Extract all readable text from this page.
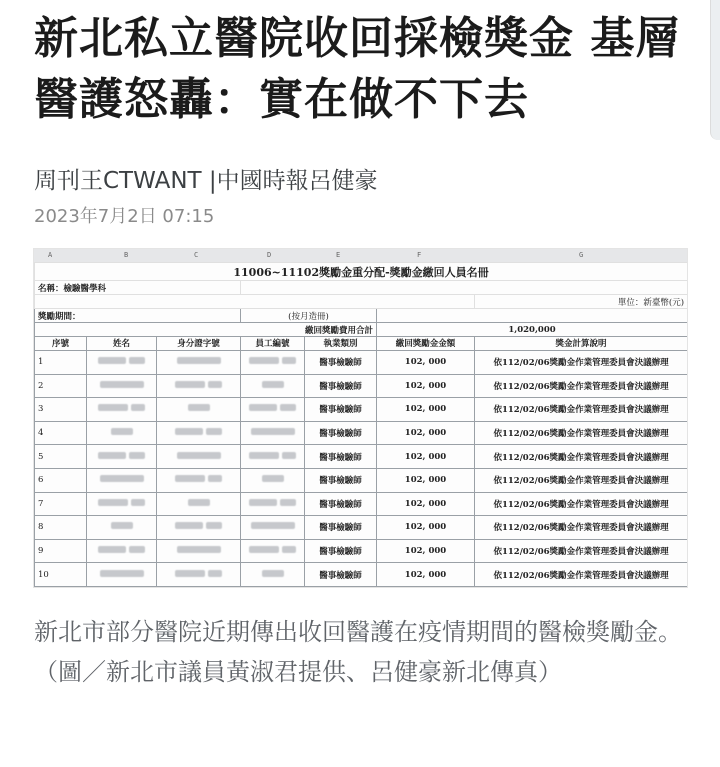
新北私立醫院收回採檢獎金 基層醫護怒轟：實在做不下去
周刊王CTWANT |中國時報呂健豪
2023年7月2日 07:15
A	B	C	D	E	F	G
11006~11102獎勵金重分配-獎勵金繳回人員名冊						
名稱：檢驗醫學科						
						單位：新臺幣(元)
獎勵期間：			(按月造冊)			
繳回獎勵費用合計					1,020,000	
序號	姓名	身分證字號	員工編號	執業類別	繳回獎勵金金額	獎金計算說明
1				醫事檢驗師	102, 000	依112/02/06獎勵金作業管理委員會決議辦理
2				醫事檢驗師	102, 000	依112/02/06獎勵金作業管理委員會決議辦理
3				醫事檢驗師	102, 000	依112/02/06獎勵金作業管理委員會決議辦理
4				醫事檢驗師	102, 000	依112/02/06獎勵金作業管理委員會決議辦理
5				醫事檢驗師	102, 000	依112/02/06獎勵金作業管理委員會決議辦理
6				醫事檢驗師	102, 000	依112/02/06獎勵金作業管理委員會決議辦理
7				醫事檢驗師	102, 000	依112/02/06獎勵金作業管理委員會決議辦理
8				醫事檢驗師	102, 000	依112/02/06獎勵金作業管理委員會決議辦理
9				醫事檢驗師	102, 000	依112/02/06獎勵金作業管理委員會決議辦理
10				醫事檢驗師	102, 000	依112/02/06獎勵金作業管理委員會決議辦理

新北市部分醫院近期傳出收回醫護在疫情期間的醫檢獎勵金。（圖／新北市議員黃淑君提供、呂健豪新北傳真）
